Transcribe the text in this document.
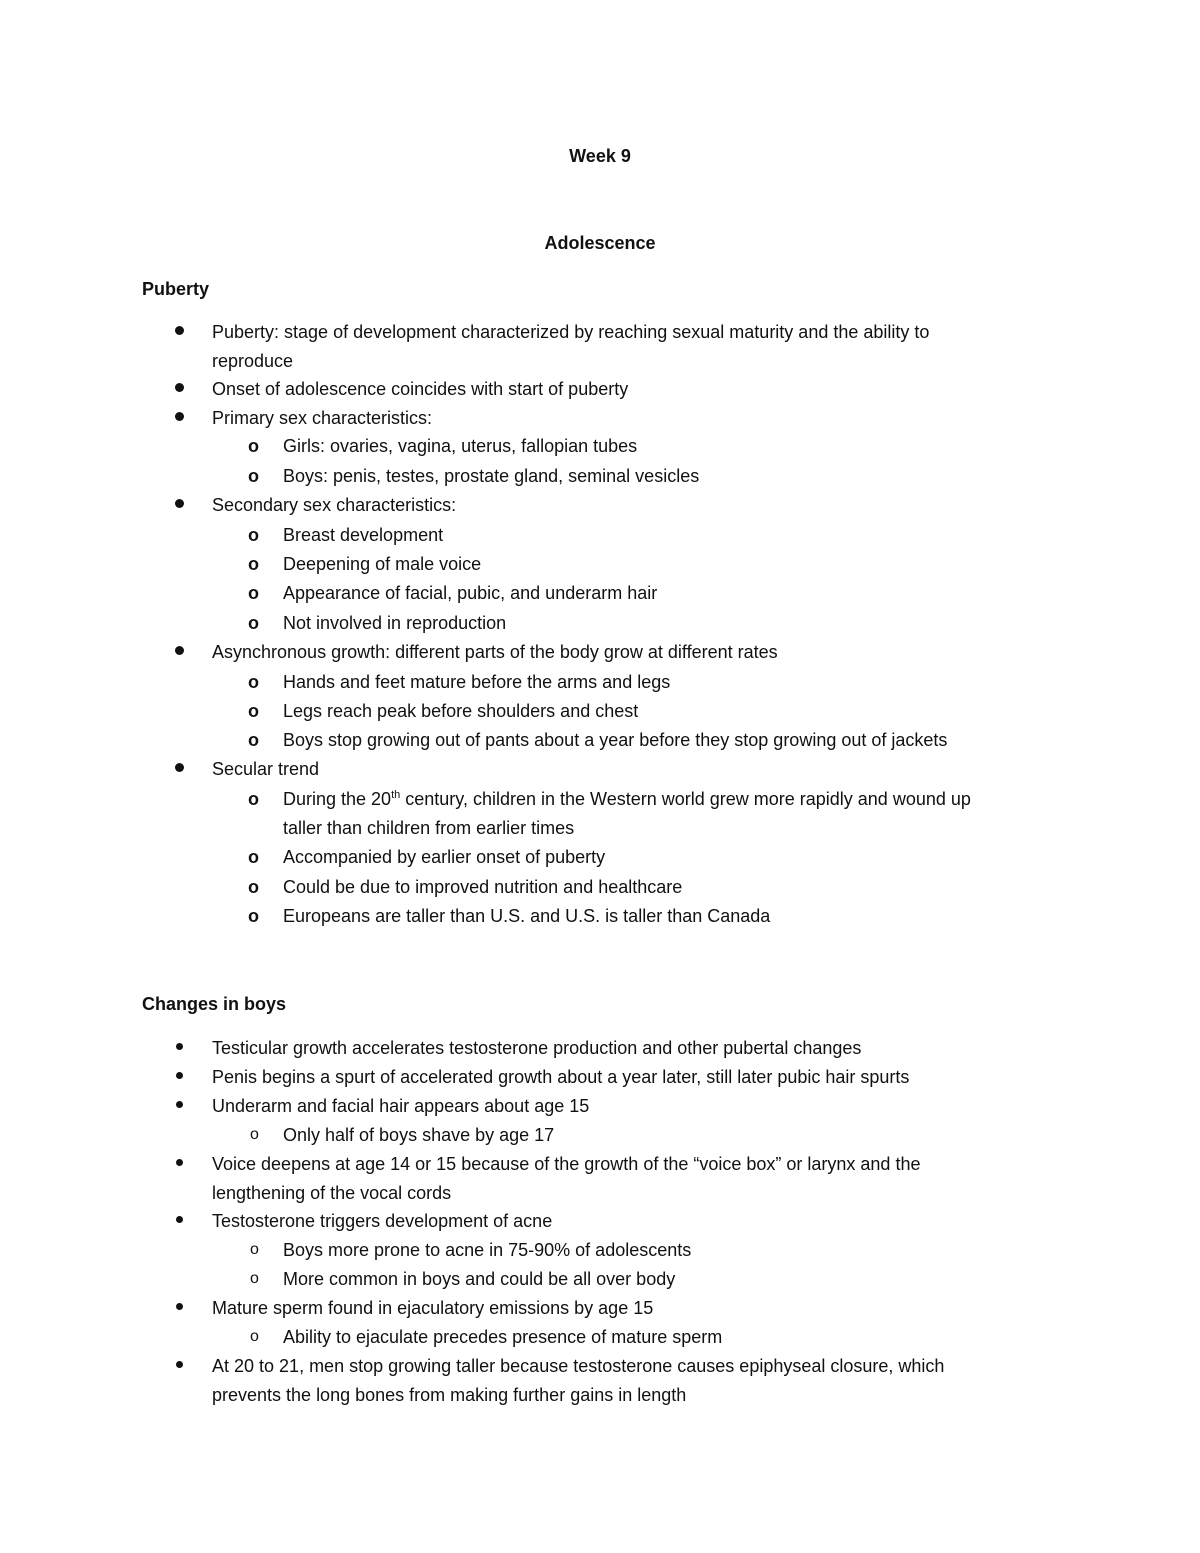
Week 9
Adolescence
Puberty
Puberty: stage of development characterized by reaching sexual maturity and the ability to
reproduce
Onset of adolescence coincides with start of puberty
Primary sex characteristics:
o Girls: ovaries, vagina, uterus, fallopian tubes
o Boys: penis, testes, prostate gland, seminal vesicles
Secondary sex characteristics:
o Breast development
o Deepening of male voice
o Appearance of facial, pubic, and underarm hair
o Not involved in reproduction
Asynchronous growth: different parts of the body grow at different rates
o Hands and feet mature before the arms and legs
o Legs reach peak before shoulders and chest
o Boys stop growing out of pants about a year before they stop growing out of jackets
Secular trend
o During the 20th century, children in the Western world grew more rapidly and wound up
taller than children from earlier times
o Accompanied by earlier onset of puberty
o Could be due to improved nutrition and healthcare
o Europeans are taller than U.S. and U.S. is taller than Canada
Changes in boys
Testicular growth accelerates testosterone production and other pubertal changes
Penis begins a spurt of accelerated growth about a year later, still later pubic hair spurts
Underarm and facial hair appears about age 15
o Only half of boys shave by age 17
Voice deepens at age 14 or 15 because of the growth of the “voice box” or larynx and the
lengthening of the vocal cords
Testosterone triggers development of acne
o Boys more prone to acne in 75-90% of adolescents
o More common in boys and could be all over body
Mature sperm found in ejaculatory emissions by age 15
o Ability to ejaculate precedes presence of mature sperm
At 20 to 21, men stop growing taller because testosterone causes epiphyseal closure, which
prevents the long bones from making further gains in length
